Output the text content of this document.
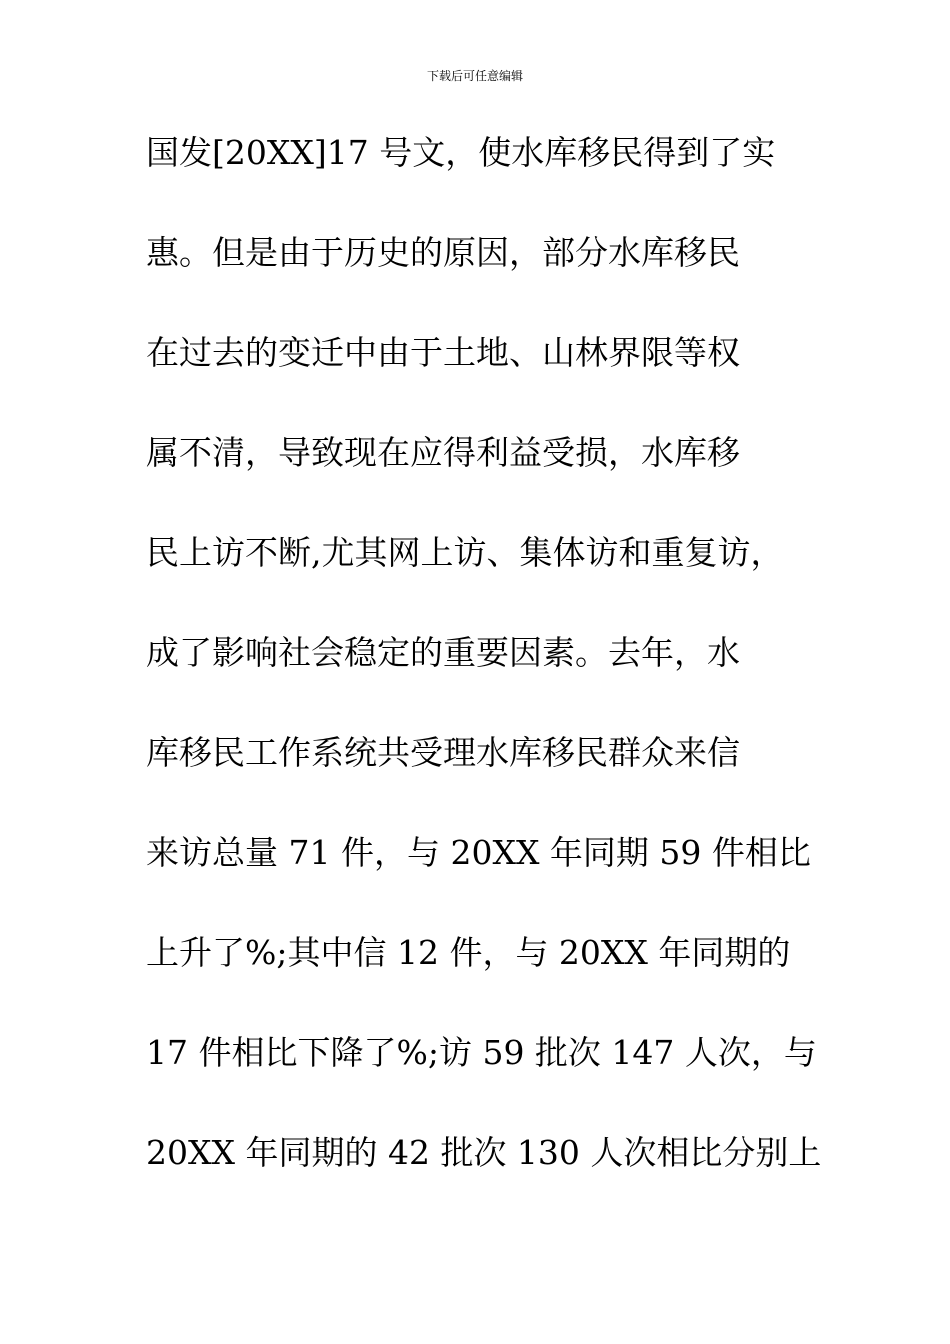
下载后可任意编辑
国发[20XX]17 号文，使水库移民得到了实
惠。但是由于历史的原因，部分水库移民
在过去的变迁中由于土地、山林界限等权
属不清，导致现在应得利益受损，水库移
民上访不断,尤其网上访、集体访和重复访，
成了影响社会稳定的重要因素。去年，水
库移民工作系统共受理水库移民群众来信
来访总量 71 件，与 20XX 年同期 59 件相比
上升了%;其中信 12 件，与 20XX 年同期的
17 件相比下降了%;访 59 批次 147 人次，与
20XX 年同期的 42 批次 130 人次相比分别上
